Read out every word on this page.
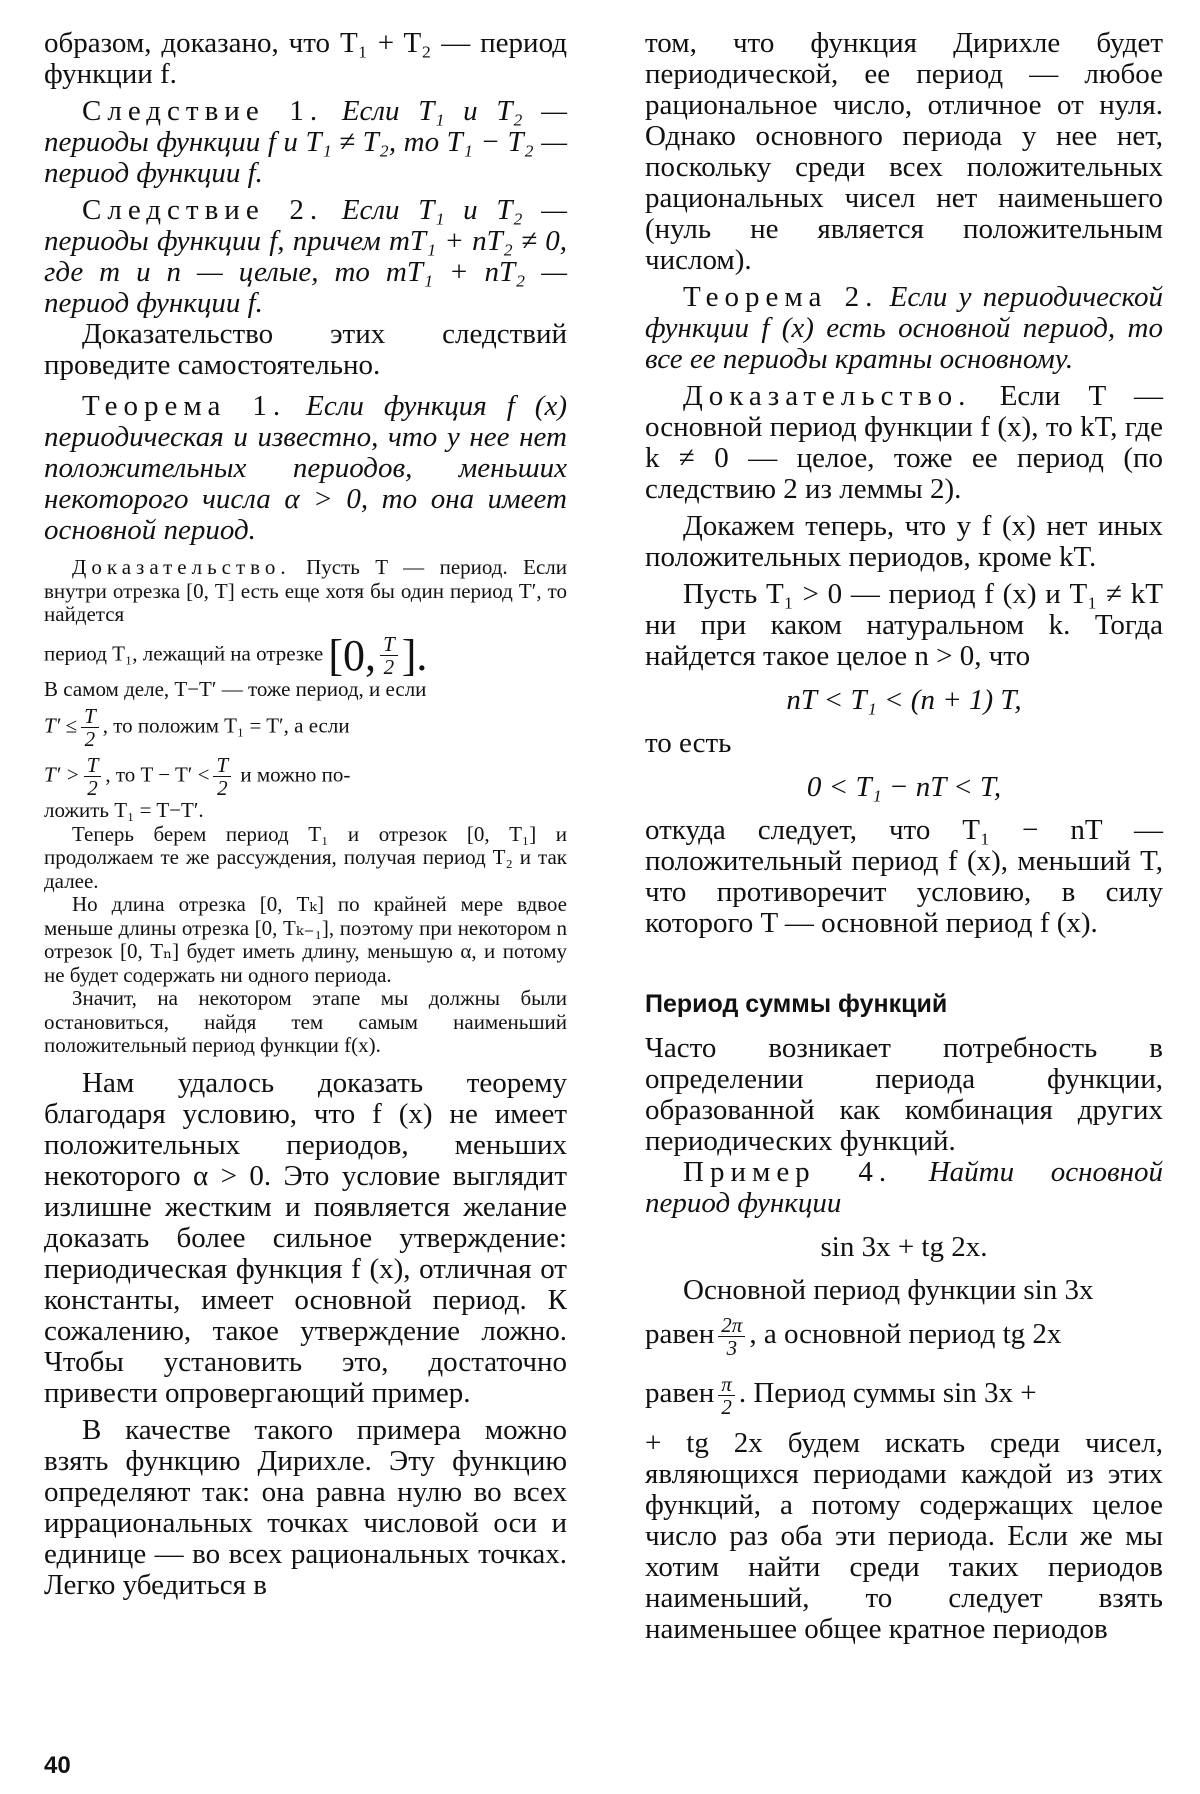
образом, доказано, что T₁ + T₂ — период функции f.

Следствие 1. Если T₁ и T₂ — периоды функции f и T₁ ≠ T₂, то T₁ − T₂ — период функции f.

Следствие 2. Если T₁ и T₂ — периоды функции f, причем mT₁ + nT₂ ≠ 0, где m и n — целые, то mT₁ + nT₂ — период функции f.

Доказательство этих следствий проведите самостоятельно.

Теорема 1. Если функция f (x) периодическая и известно, что у нее нет положительных периодов, меньших некоторого числа α > 0, то она имеет основной период.

Доказательство. Пусть T — период. Если внутри отрезка [0, T] есть еще хотя бы один период T′, то найдется

период T₁, лежащий на отрезке [0, $\frac{T}{2}$ ].

В самом деле, T−T′ — тоже период, и если

$T' \le \frac{T}{2}$ , то положим T₁ = T′, а если

$T' > \frac{T}{2}$ , то $T - T' < \frac{T}{2}$ и можно по-

ложить T₁ = T−T′.

Теперь берем период T₁ и отрезок [0, T₁] и продолжаем те же рассуждения, получая период T₂ и так далее.

Но длина отрезка [0, Tₖ] по крайней мере вдвое меньше длины отрезка [0, Tₖ₋₁], поэтому при некотором n отрезок [0, Tₙ] будет иметь длину, меньшую α, и потому не будет содержать ни одного периода.

Значит, на некотором этапе мы должны были остановиться, найдя тем самым наименьший положительный период функции f(x).

Нам удалось доказать теорему благодаря условию, что f (x) не имеет положительных периодов, меньших некоторого α > 0. Это условие выглядит излишне жестким и появляется желание доказать более сильное утверждение: периодическая функция f (x), отличная от константы, имеет основной период. К сожалению, такое утверждение ложно. Чтобы установить это, достаточно привести опровергающий пример.

В качестве такого примера можно взять функцию Дирихле. Эту функцию определяют так: она равна нулю во всех иррациональных точках числовой оси и единице — во всех рациональных точках. Легко убедиться в

том, что функция Дирихле будет периодической, ее период — любое рациональное число, отличное от нуля. Однако основного периода у нее нет, поскольку среди всех положительных рациональных чисел нет наименьшего (нуль не является положительным числом).

Теорема 2. Если у периодической функции f (x) есть основной период, то все ее периоды кратны основному.

Доказательство. Если T — основной период функции f (x), то kT, где k ≠ 0 — целое, тоже ее период (по следствию 2 из леммы 2).

Докажем теперь, что у f (x) нет иных положительных периодов, кроме kT.

Пусть T₁ > 0 — период f (x) и T₁ ≠ kT ни при каком натуральном k. Тогда найдется такое целое n > 0, что

nT < T₁ < (n + 1) T,

то есть

0 < T₁ − nT < T,

откуда следует, что T₁ − nT — положительный период f (x), меньший T, что противоречит условию, в силу которого T — основной период f (x).

Период суммы функций

Часто возникает потребность в определении периода функции, образованной как комбинация других периодических функций.

Пример 4. Найти основной период функции

sin 3x + tg 2x.

Основной период функции sin 3x

равен $\frac{2\pi}{3}$ , а основной период tg 2x

равен $\frac{\pi}{2}$ . Период суммы sin 3x +

+ tg 2x будем искать среди чисел, являющихся периодами каждой из этих функций, а потому содержащих целое число раз оба эти периода. Если же мы хотим найти среди таких периодов наименьший, то следует взять наименьшее общее кратное периодов

40
